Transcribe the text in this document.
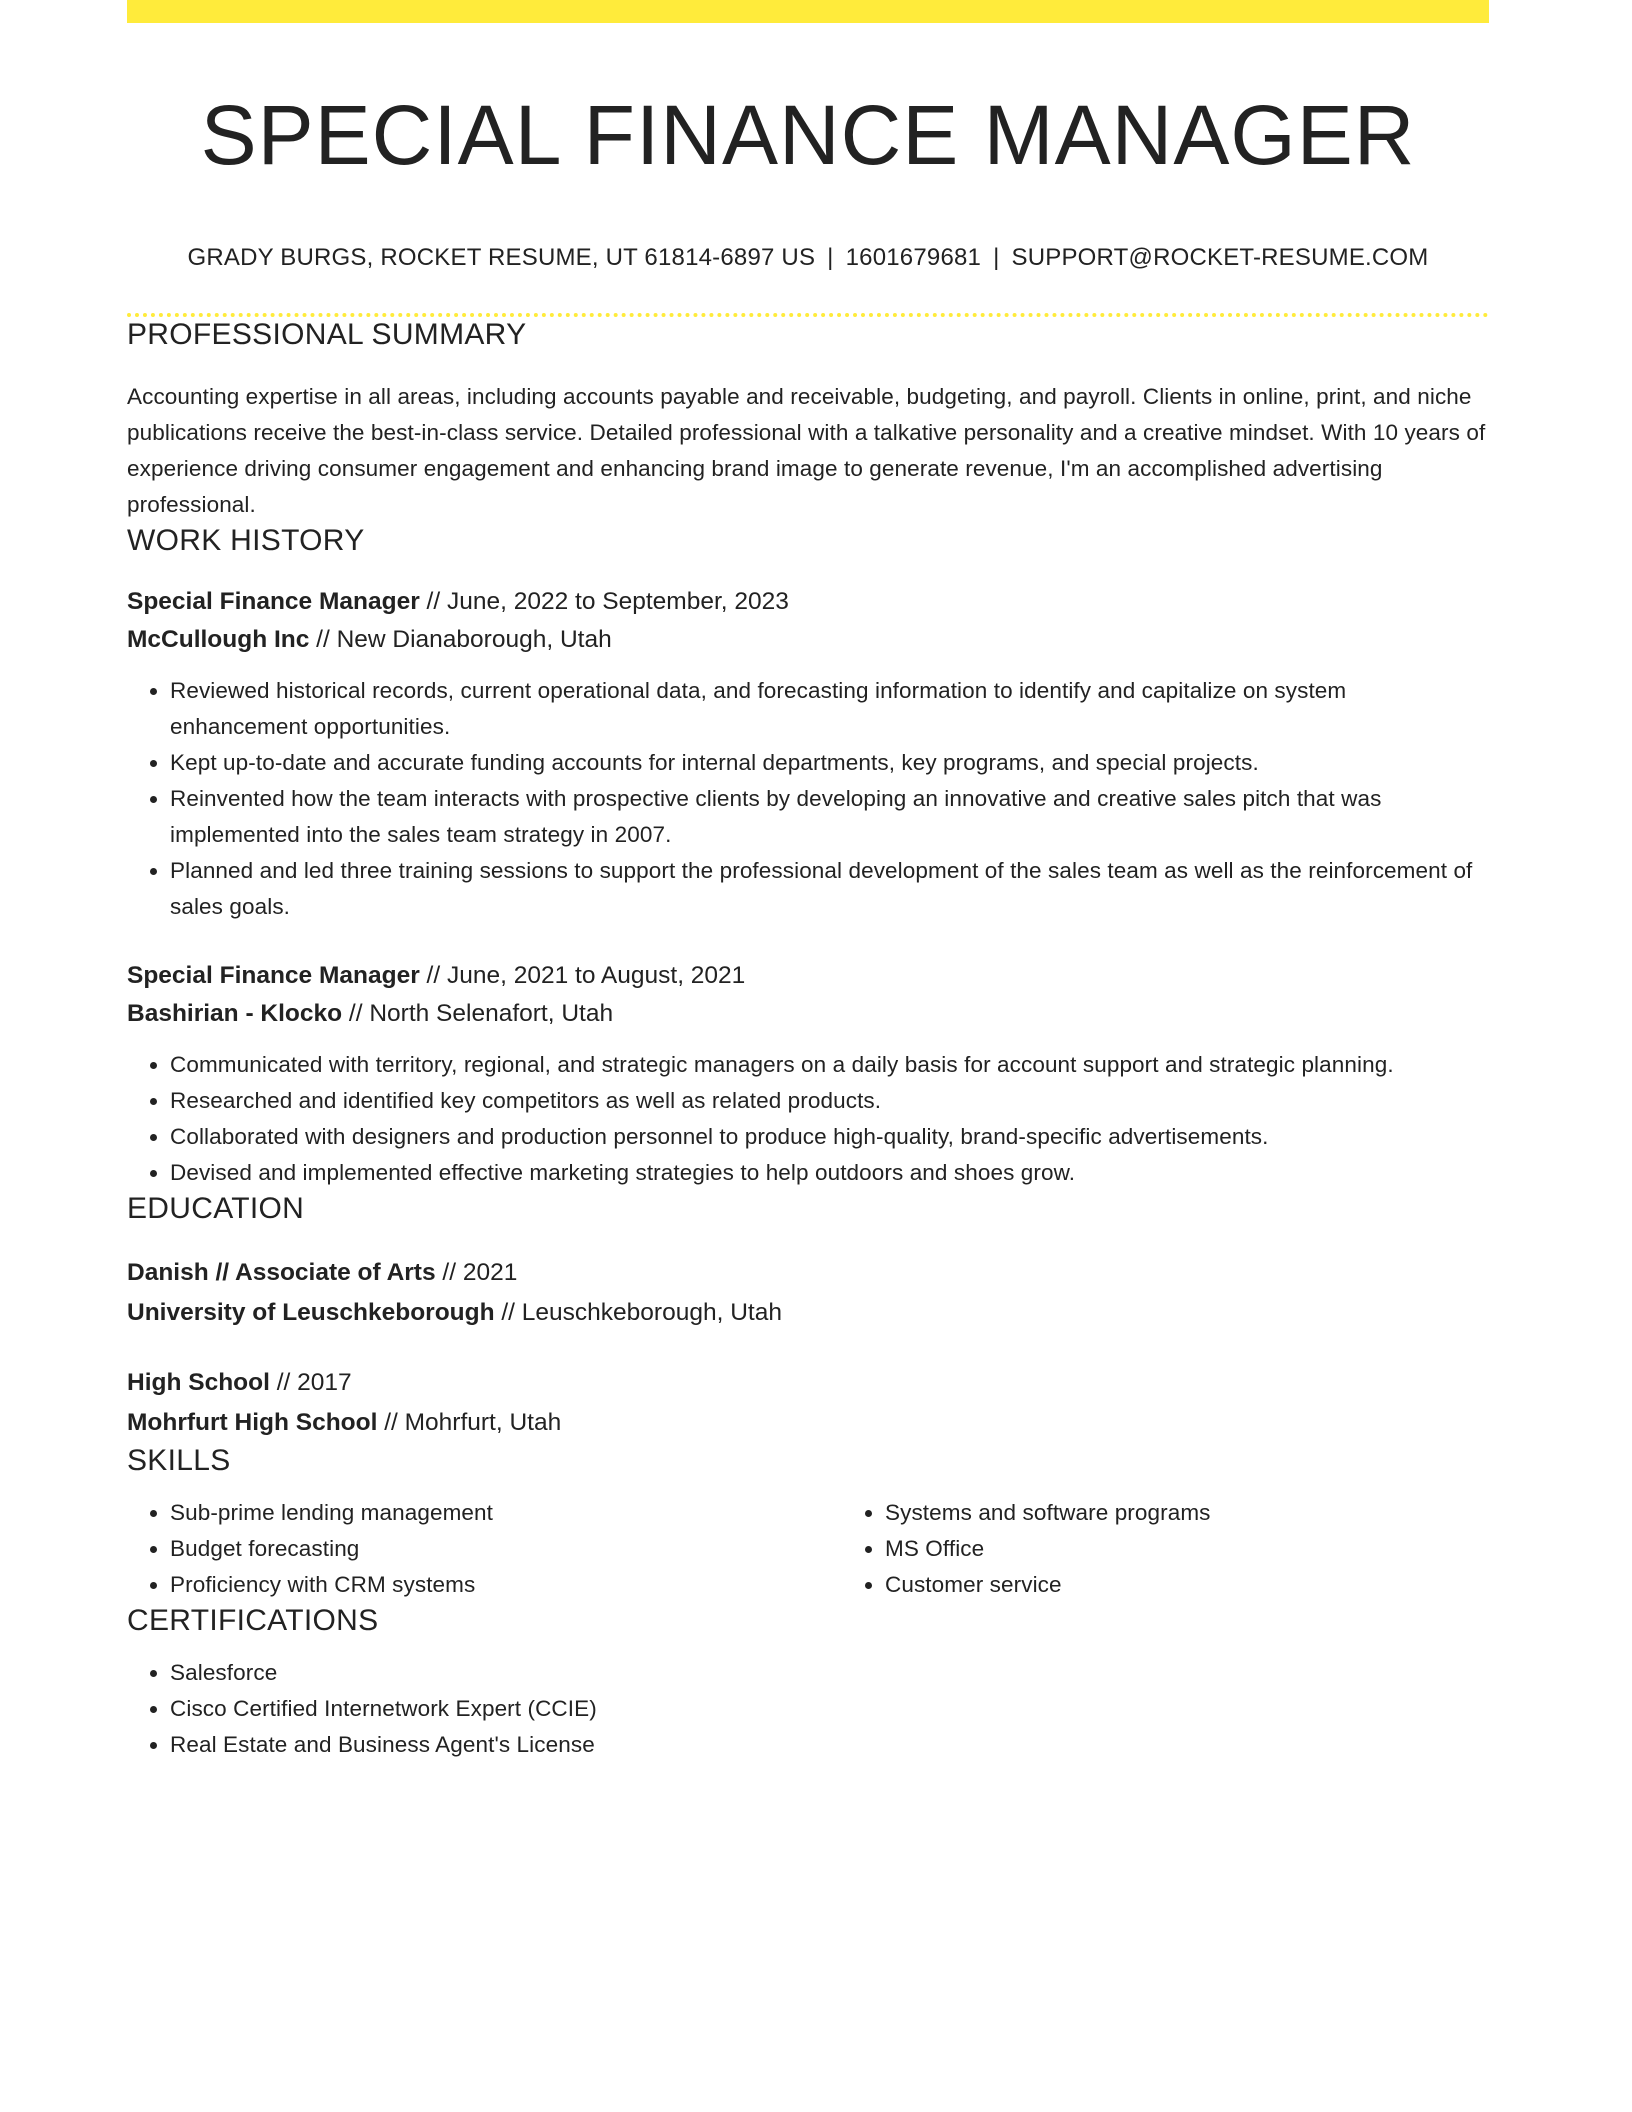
SPECIAL FINANCE MANAGER
GRADY BURGS, ROCKET RESUME, UT 61814-6897 US | 1601679681 | SUPPORT@ROCKET-RESUME.COM
PROFESSIONAL SUMMARY

Accounting expertise in all areas, including accounts payable and receivable, budgeting, and payroll. Clients in online, print, and niche publications receive the best-in-class service. Detailed professional with a talkative personality and a creative mindset. With 10 years of experience driving consumer engagement and enhancing brand image to generate revenue, I'm an accomplished advertising professional.

WORK HISTORY
Special Finance Manager // June, 2022 to September, 2023
McCullough Inc // New Dianaborough, Utah
• Reviewed historical records, current operational data, and forecasting information to identify and capitalize on system enhancement opportunities.
• Kept up-to-date and accurate funding accounts for internal departments, key programs, and special projects.
• Reinvented how the team interacts with prospective clients by developing an innovative and creative sales pitch that was implemented into the sales team strategy in 2007.
• Planned and led three training sessions to support the professional development of the sales team as well as the reinforcement of sales goals.
Special Finance Manager // June, 2021 to August, 2021
Bashirian - Klocko // North Selenafort, Utah
• Communicated with territory, regional, and strategic managers on a daily basis for account support and strategic planning.
• Researched and identified key competitors as well as related products.
• Collaborated with designers and production personnel to produce high-quality, brand-specific advertisements.
• Devised and implemented effective marketing strategies to help outdoors and shoes grow.
EDUCATION
Danish // Associate of Arts // 2021
University of Leuschkeborough // Leuschkeborough, Utah
High School // 2017
Mohrfurt High School // Mohrfurt, Utah
SKILLS
• Sub-prime lending management
• Budget forecasting
• Proficiency with CRM systems
• Systems and software programs
• MS Office
• Customer service
CERTIFICATIONS
• Salesforce
• Cisco Certified Internetwork Expert (CCIE)
• Real Estate and Business Agent's License
